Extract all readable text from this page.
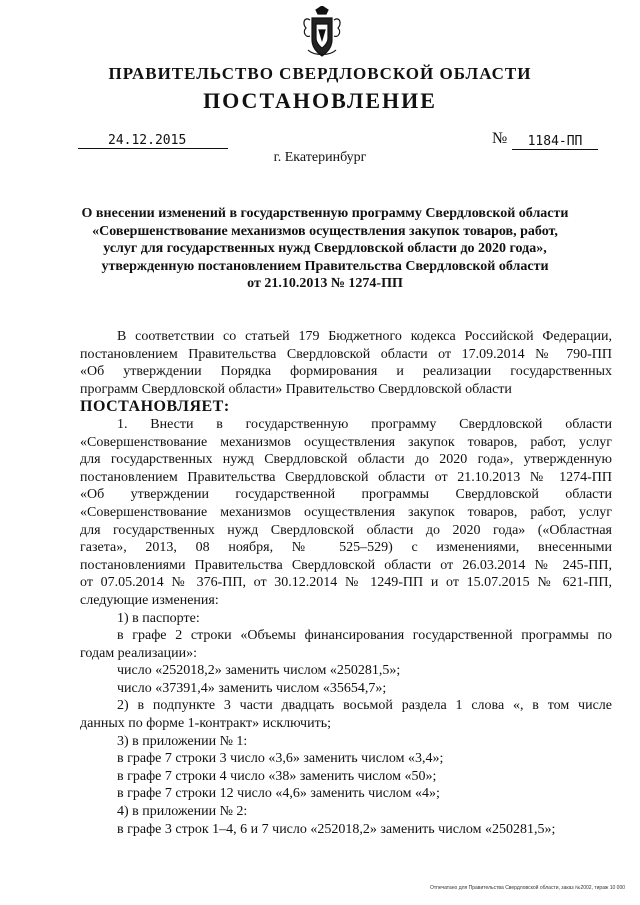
ПРАВИТЕЛЬСТВО СВЕРДЛОВСКОЙ ОБЛАСТИ
ПОСТАНОВЛЕНИЕ
24.12.2015	№	1184-ПП
г. Екатеринбург
О внесении изменений в государственную программу Свердловской области
«Совершенствование механизмов осуществления закупок товаров, работ,
услуг для государственных нужд Свердловской области до 2020 года»,
утвержденную постановлением Правительства Свердловской области
от 21.10.2013 № 1274-ПП
В соответствии со статьей 179 Бюджетного кодекса Российской Федерации,
постановлением Правительства Свердловской области от 17.09.2014 № 790-ПП
«Об утверждении Порядка формирования и реализации государственных
программ Свердловской области» Правительство Свердловской области
ПОСТАНОВЛЯЕТ:
1. Внести в государственную программу Свердловской области
«Совершенствование механизмов осуществления закупок товаров, работ, услуг
для государственных нужд Свердловской области до 2020 года», утвержденную
постановлением Правительства Свердловской области от 21.10.2013 № 1274-ПП
«Об утверждении государственной программы Свердловской области
«Совершенствование механизмов осуществления закупок товаров, работ, услуг
для государственных нужд Свердловской области до 2020 года» («Областная
газета», 2013, 08 ноября, № 525–529) с изменениями, внесенными
постановлениями Правительства Свердловской области от 26.03.2014 № 245-ПП,
от 07.05.2014 № 376-ПП, от 30.12.2014 № 1249-ПП и от 15.07.2015 № 621-ПП,
следующие изменения:
1) в паспорте:
в графе 2 строки «Объемы финансирования государственной программы по
годам реализации»:
число «252018,2» заменить числом «250281,5»;
число «37391,4» заменить числом «35654,7»;
2) в подпункте 3 части двадцать восьмой раздела 1 слова «, в том числе
данных по форме 1-контракт» исключить;
3) в приложении № 1:
в графе 7 строки 3 число «3,6» заменить числом «3,4»;
в графе 7 строки 4 число «38» заменить числом «50»;
в графе 7 строки 12 число «4,6» заменить числом «4»;
4) в приложении № 2:
в графе 3 строк 1–4, 6 и 7 число «252018,2» заменить числом «250281,5»;
Отпечатано для Правительства Свердловской области, заказ №2002, тираж 10 000
